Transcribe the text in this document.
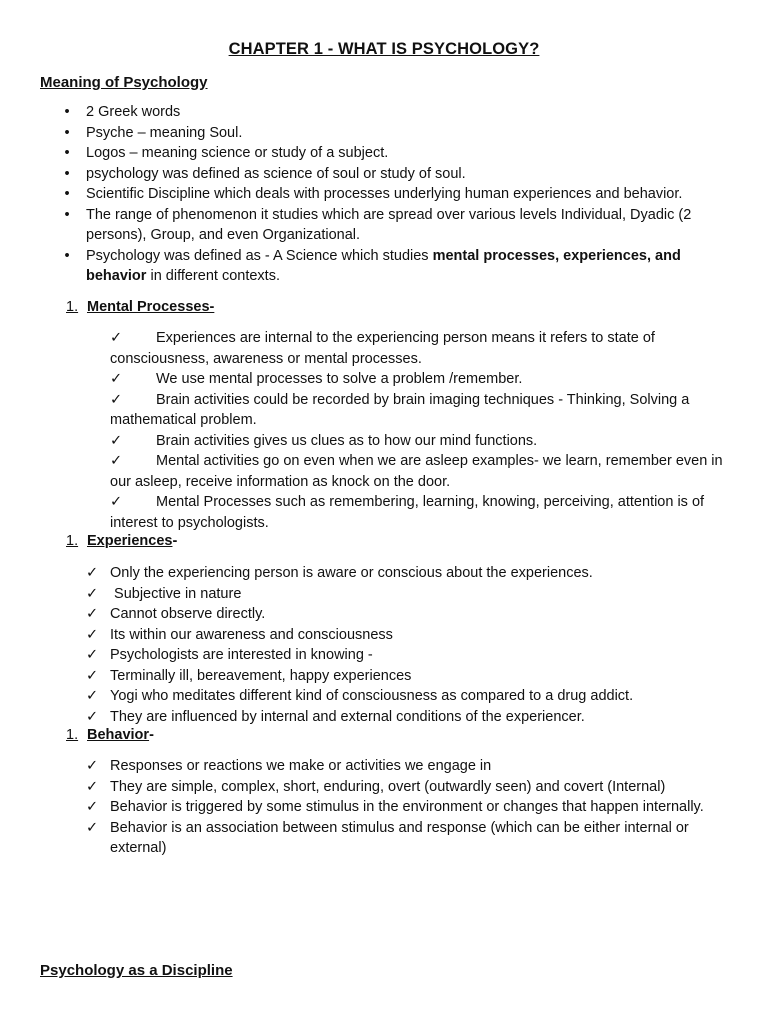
CHAPTER 1 - WHAT IS PSYCHOLOGY?
Meaning of Psychology
• 2 Greek words
• Psyche – meaning Soul.
• Logos – meaning science or study of a subject.
• psychology was defined as science of soul or study of soul.
• Scientific Discipline which deals with processes underlying human experiences and behavior.
• The range of phenomenon it studies which are spread over various levels Individual, Dyadic (2 persons), Group, and even Organizational.
• Psychology was defined as - A Science which studies mental processes, experiences, and behavior in different contexts.
1. Mental Processes-
✓ Experiences are internal to the experiencing person means it refers to state of consciousness, awareness or mental processes.
✓ We use mental processes to solve a problem /remember.
✓ Brain activities could be recorded by brain imaging techniques - Thinking, Solving a mathematical problem.
✓ Brain activities gives us clues as to how our mind functions.
✓ Mental activities go on even when we are asleep examples- we learn, remember even in our asleep, receive information as knock on the door.
✓ Mental Processes such as remembering, learning, knowing, perceiving, attention is of interest to psychologists.
1. Experiences-
✓ Only the experiencing person is aware or conscious about the experiences.
✓ Subjective in nature
✓ Cannot observe directly.
✓ Its within our awareness and consciousness
✓ Psychologists are interested in knowing -
✓ Terminally ill, bereavement, happy experiences
✓ Yogi who meditates different kind of consciousness as compared to a drug addict.
✓ They are influenced by internal and external conditions of the experiencer.
1. Behavior-
✓ Responses or reactions we make or activities we engage in
✓ They are simple, complex, short, enduring, overt (outwardly seen) and covert (Internal)
✓ Behavior is triggered by some stimulus in the environment or changes that happen internally.
✓ Behavior is an association between stimulus and response (which can be either internal or external)
Psychology as a Discipline
